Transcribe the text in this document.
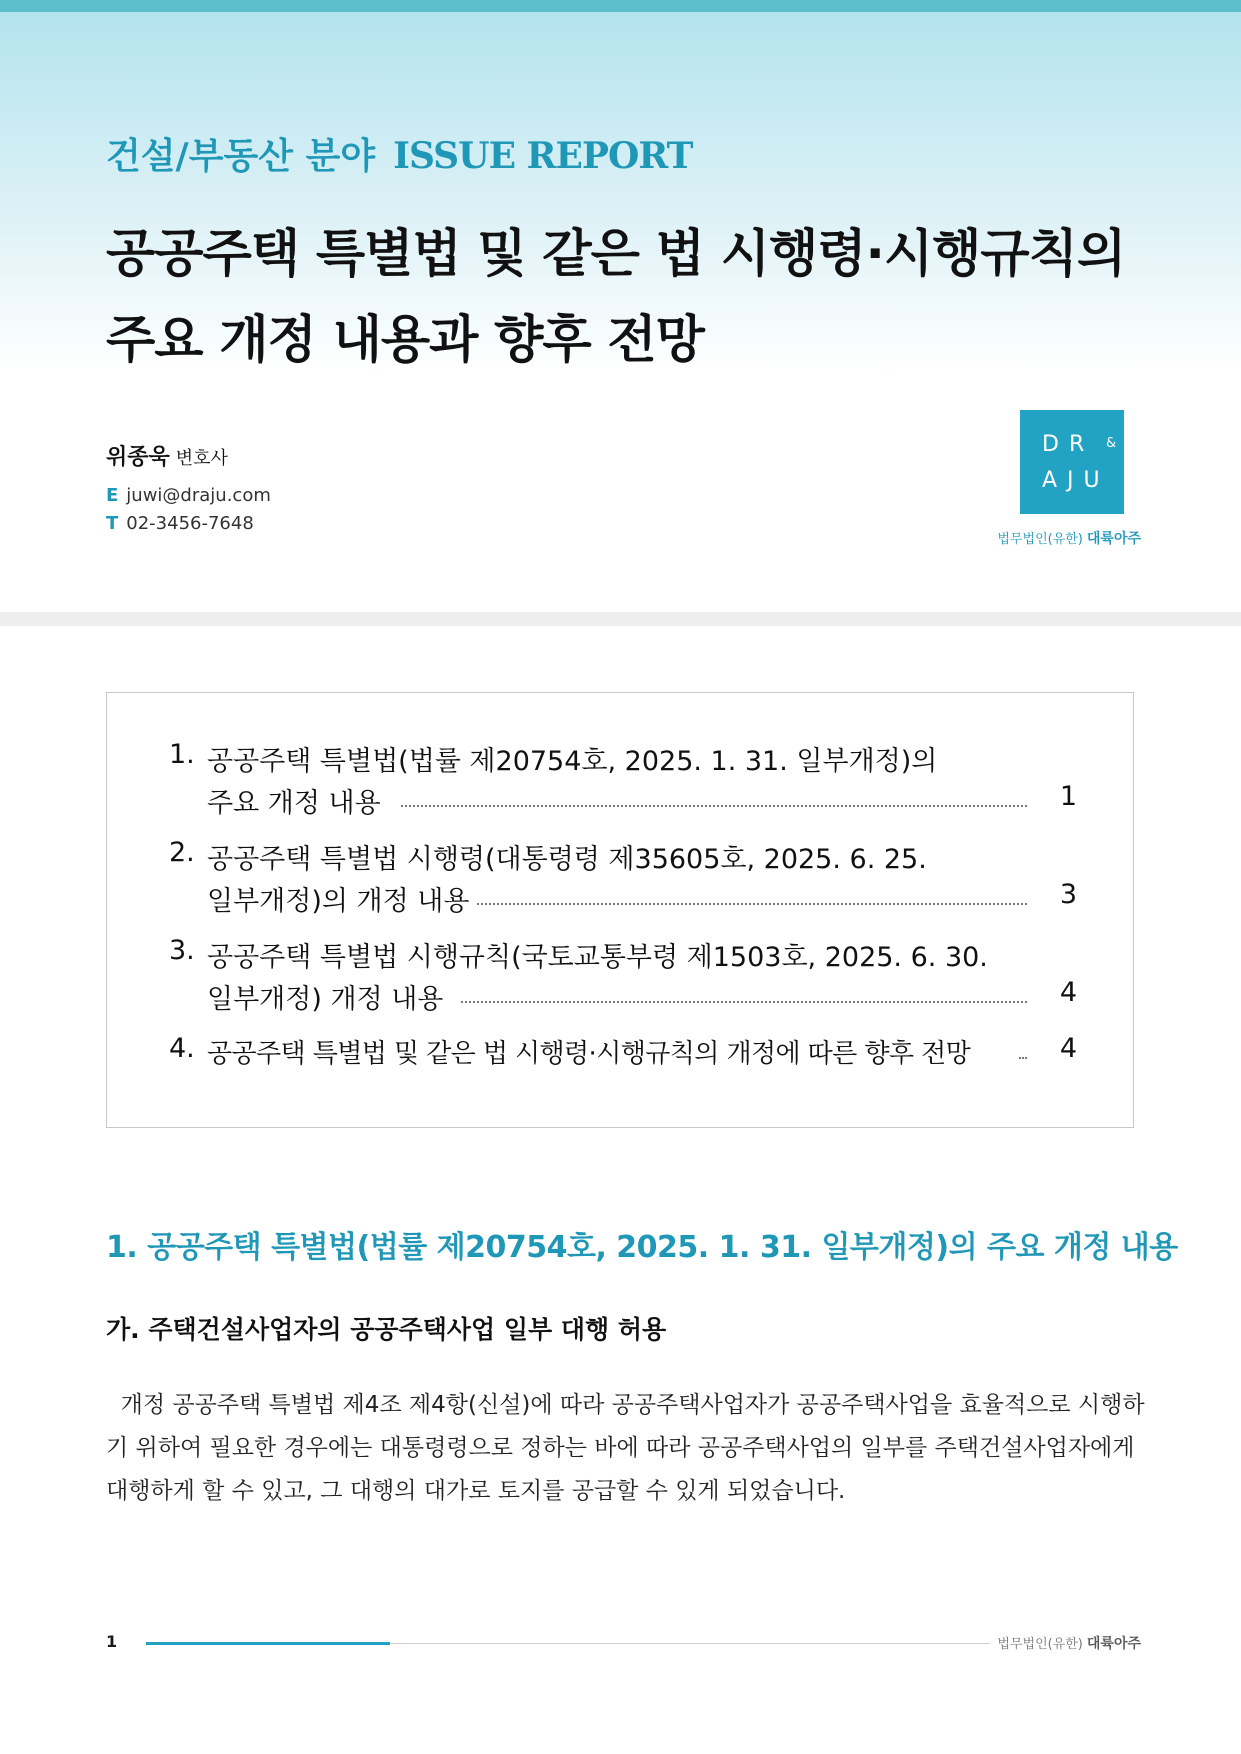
건설/부동산 분야 ISSUE REPORT
공공주택 특별법 및 같은 법 시행령·시행규칙의
주요 개정 내용과 향후 전망
위종욱 변호사
E juwi@draju.com
T 02-3456-7648
DR &
AJU
법무법인(유한) 대륙아주
1. 공공주택 특별법(법률 제20754호, 2025. 1. 31. 일부개정)의
주요 개정 내용	1
2. 공공주택 특별법 시행령(대통령령 제35605호, 2025. 6. 25.
일부개정)의 개정 내용	3
3. 공공주택 특별법 시행규칙(국토교통부령 제1503호, 2025. 6. 30.
일부개정) 개정 내용	4
4. 공공주택 특별법 및 같은 법 시행령·시행규칙의 개정에 따른 향후 전망	4
1. 공공주택 특별법(법률 제20754호, 2025. 1. 31. 일부개정)의 주요 개정 내용
가. 주택건설사업자의 공공주택사업 일부 대행 허용
개정 공공주택 특별법 제4조 제4항(신설)에 따라 공공주택사업자가 공공주택사업을 효율적으로 시행하
기 위하여 필요한 경우에는 대통령령으로 정하는 바에 따라 공공주택사업의 일부를 주택건설사업자에게
대행하게 할 수 있고, 그 대행의 대가로 토지를 공급할 수 있게 되었습니다.
1	법무법인(유한) 대륙아주
